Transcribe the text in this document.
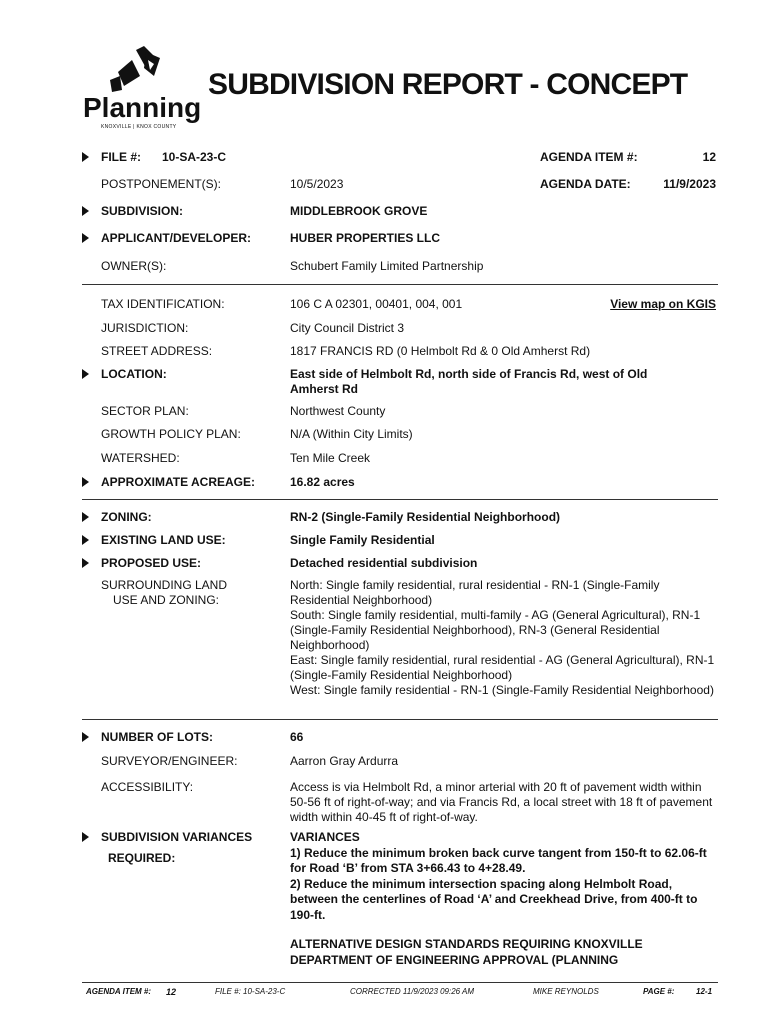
Planning
KNOXVILLE | KNOX COUNTY
SUBDIVISION REPORT - CONCEPT
FILE #: 10-SA-23-C	AGENDA ITEM #:	12
POSTPONEMENT(S):	10/5/2023	AGENDA DATE:	11/9/2023
SUBDIVISION:	MIDDLEBROOK GROVE
APPLICANT/DEVELOPER:	HUBER PROPERTIES LLC
OWNER(S):	Schubert Family Limited Partnership
TAX IDENTIFICATION:	106 C A 02301, 00401, 004, 001	View map on KGIS
JURISDICTION:	City Council District 3
STREET ADDRESS:	1817 FRANCIS RD (0 Helmbolt Rd & 0 Old Amherst Rd)
LOCATION:	East side of Helmbolt Rd, north side of Francis Rd, west of Old Amherst Rd
SECTOR PLAN:	Northwest County
GROWTH POLICY PLAN:	N/A (Within City Limits)
WATERSHED:	Ten Mile Creek
APPROXIMATE ACREAGE:	16.82 acres
ZONING:	RN-2 (Single-Family Residential Neighborhood)
EXISTING LAND USE:	Single Family Residential
PROPOSED USE:	Detached residential subdivision
SURROUNDING LAND
USE AND ZONING:
North: Single family residential, rural residential - RN-1 (Single-Family Residential Neighborhood)
South: Single family residential, multi-family - AG (General Agricultural), RN-1 (Single-Family Residential Neighborhood), RN-3 (General Residential Neighborhood)
East: Single family residential, rural residential - AG (General Agricultural), RN-1 (Single-Family Residential Neighborhood)
West: Single family residential - RN-1 (Single-Family Residential Neighborhood)
NUMBER OF LOTS:	66
SURVEYOR/ENGINEER:	Aarron Gray Ardurra
ACCESSIBILITY:	Access is via Helmbolt Rd, a minor arterial with 20 ft of pavement width within 50-56 ft of right-of-way; and via Francis Rd, a local street with 18 ft of pavement width within 40-45 ft of right-of-way.
SUBDIVISION VARIANCES
REQUIRED:
VARIANCES
1) Reduce the minimum broken back curve tangent from 150-ft to 62.06-ft for Road ‘B’ from STA 3+66.43 to 4+28.49.
2) Reduce the minimum intersection spacing along Helmbolt Road, between the centerlines of Road ‘A’ and Creekhead Drive, from 400-ft to 190-ft.
ALTERNATIVE DESIGN STANDARDS REQUIRING KNOXVILLE DEPARTMENT OF ENGINEERING APPROVAL (PLANNING
AGENDA ITEM #: 12	FILE #: 10-SA-23-C	CORRECTED 11/9/2023 09:26 AM	MIKE REYNOLDS	PAGE #:	12-1
